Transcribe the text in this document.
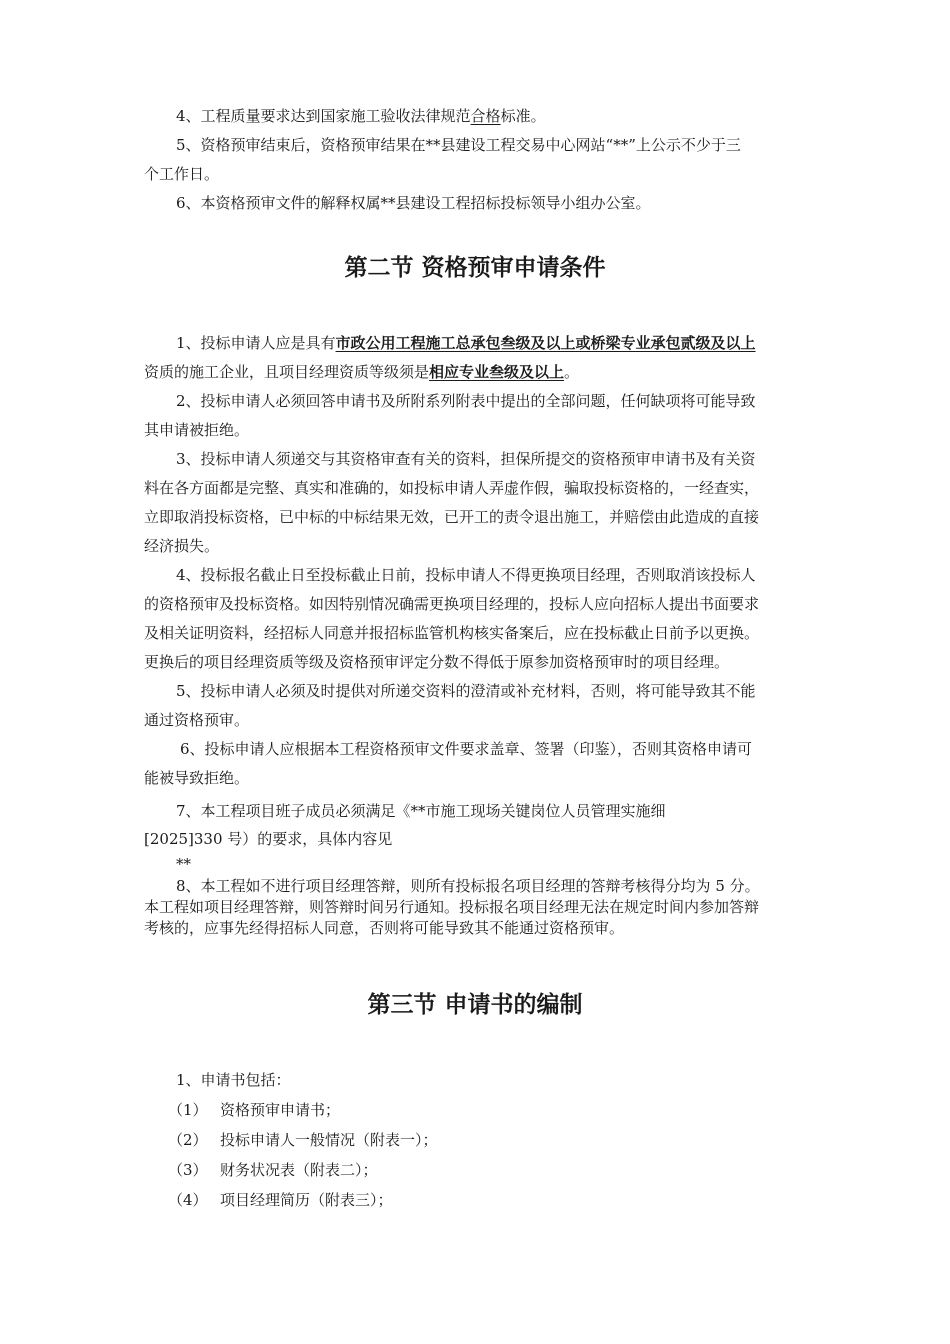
4、工程质量要求达到国家施工验收法律规范合格标准。

5、资格预审结束后，资格预审结果在**县建设工程交易中心网站“**”上公示不少于三
个工作日。

6、本资格预审文件的解释权属**县建设工程招标投标领导小组办公室。

第二节 资格预审申请条件

1、投标申请人应是具有市政公用工程施工总承包叁级及以上或桥梁专业承包贰级及以上
资质的施工企业，且项目经理资质等级须是相应专业叁级及以上。

2、投标申请人必须回答申请书及所附系列附表中提出的全部问题，任何缺项将可能导致
其申请被拒绝。

3、投标申请人须递交与其资格审查有关的资料，担保所提交的资格预审申请书及有关资
料在各方面都是完整、真实和准确的，如投标申请人弄虚作假，骗取投标资格的，一经查实，
立即取消投标资格，已中标的中标结果无效，已开工的责令退出施工，并赔偿由此造成的直接
经济损失。

4、投标报名截止日至投标截止日前，投标申请人不得更换项目经理，否则取消该投标人
的资格预审及投标资格。如因特别情况确需更换项目经理的，投标人应向招标人提出书面要求
及相关证明资料，经招标人同意并报招标监管机构核实备案后，应在投标截止日前予以更换。
更换后的项目经理资质等级及资格预审评定分数不得低于原参加资格预审时的项目经理。

5、投标申请人必须及时提供对所递交资料的澄清或补充材料，否则，将可能导致其不能
通过资格预审。

6、投标申请人应根据本工程资格预审文件要求盖章、签署（印鉴），否则其资格申请可
能被导致拒绝。

7、本工程项目班子成员必须满足《**市施工现场关键岗位人员管理实施细
[2025]330 号）的要求，具体内容见
**

8、本工程如不进行项目经理答辩，则所有投标报名项目经理的答辩考核得分均为 5 分。
本工程如项目经理答辩，则答辩时间另行通知。投标报名项目经理无法在规定时间内参加答辩
考核的，应事先经得招标人同意，否则将可能导致其不能通过资格预审。

第三节 申请书的编制

1、申请书包括：

（1） 资格预审申请书；
（2） 投标申请人一般情况（附表一）；
（3） 财务状况表（附表二）；
（4） 项目经理简历（附表三）；
